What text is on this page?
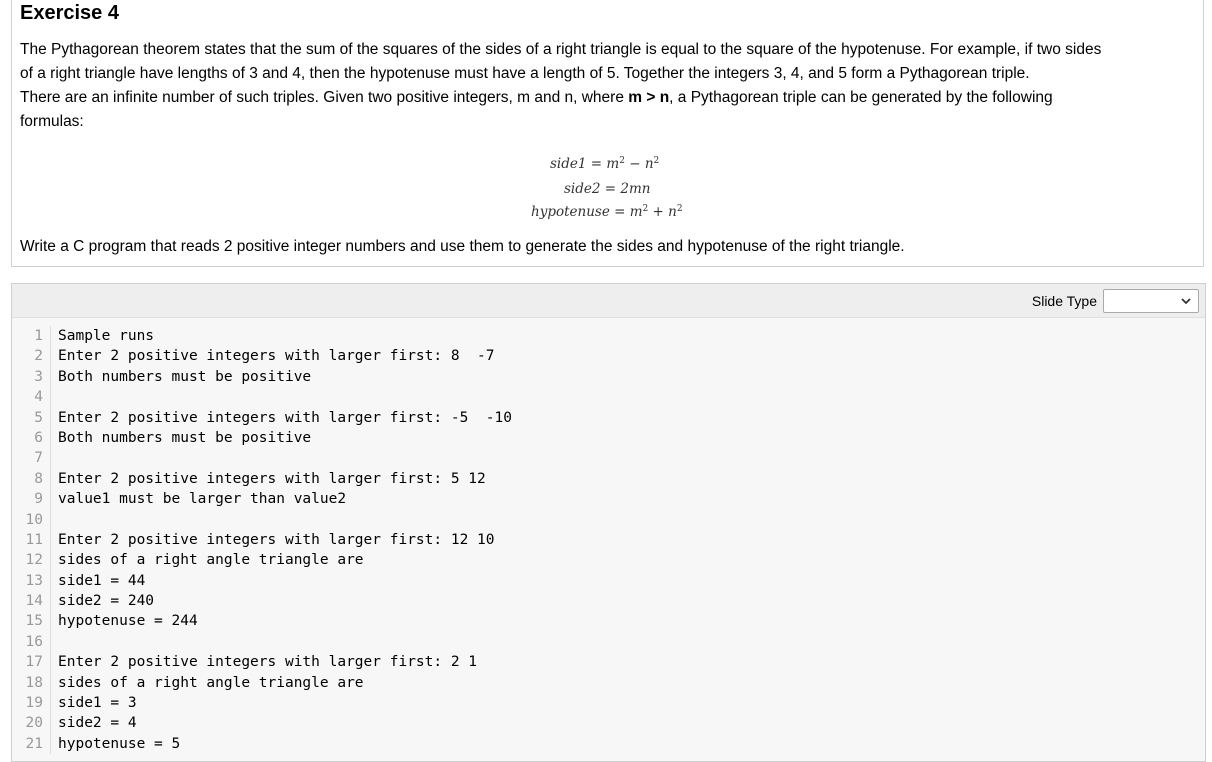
Exercise 4
The Pythagorean theorem states that the sum of the squares of the sides of a right triangle is equal to the square of the hypotenuse. For example, if two sides
of a right triangle have lengths of 3 and 4, then the hypotenuse must have a length of 5. Together the integers 3, 4, and 5 form a Pythagorean triple.
There are an infinite number of such triples. Given two positive integers, m and n, where m > n, a Pythagorean triple can be generated by the following
formulas:
side1 = $m^2 - n^2$
side2 = 2mn
hypotenuse = $m^2 + n^2$

Write a C program that reads 2 positive integer numbers and use them to generate the sides and hypotenuse of the right triangle.

Slide Type
1 Sample runs
2 Enter 2 positive integers with larger first: 8  -7
3 Both numbers must be positive
4
5 Enter 2 positive integers with larger first: -5  -10
6 Both numbers must be positive
7
8 Enter 2 positive integers with larger first: 5 12
9 value1 must be larger than value2
10
11 Enter 2 positive integers with larger first: 12 10
12 sides of a right angle triangle are
13 side1 = 44
14 side2 = 240
15 hypotenuse = 244
16
17 Enter 2 positive integers with larger first: 2 1
18 sides of a right angle triangle are
19 side1 = 3
20 side2 = 4
21 hypotenuse = 5
